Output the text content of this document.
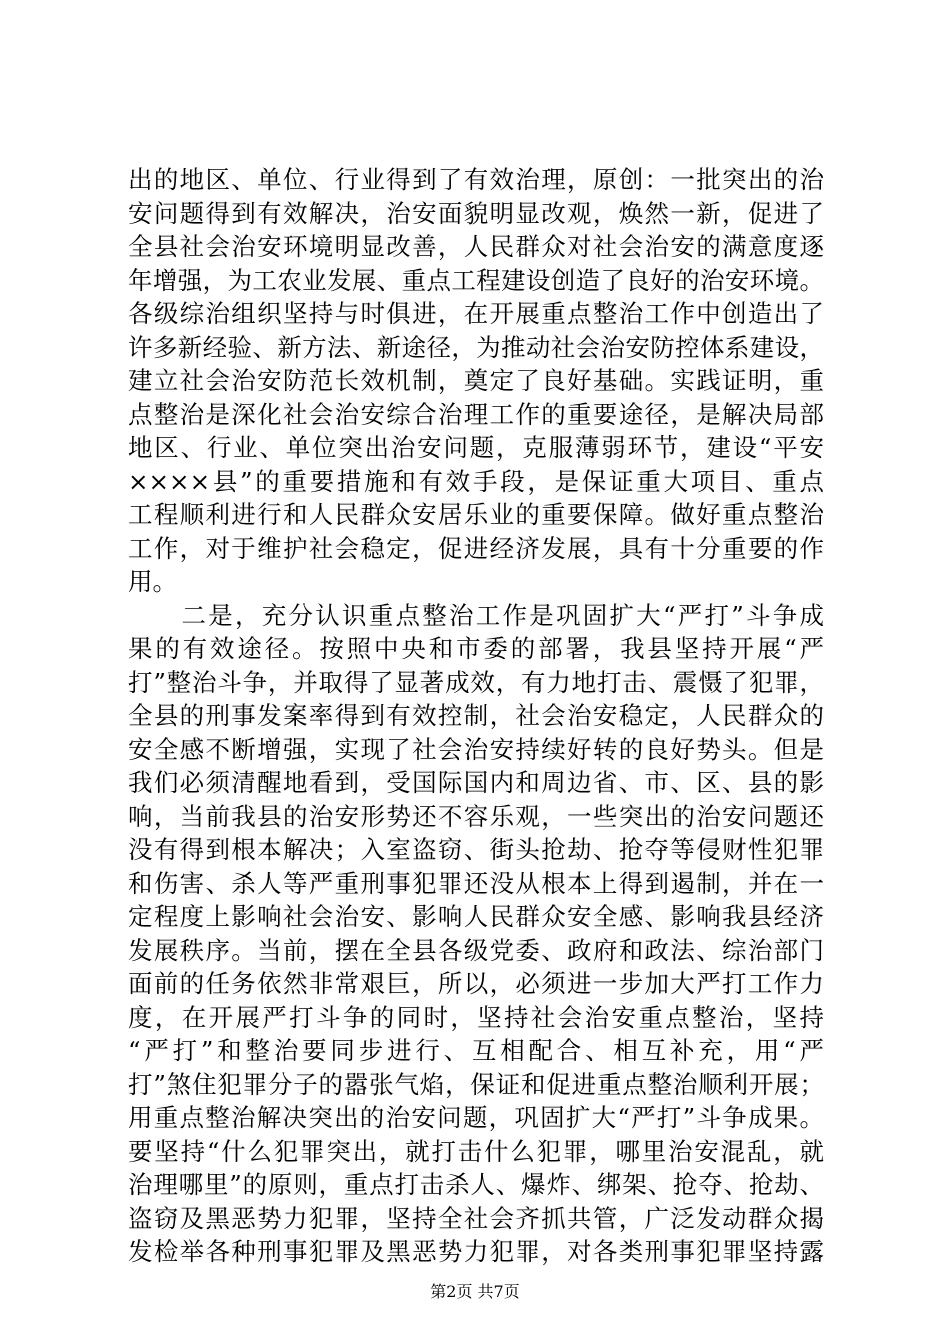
出的地区、单位、行业得到了有效治理，原创：一批突出的治
安问题得到有效解决，治安面貌明显改观，焕然一新，促进了
全县社会治安环境明显改善，人民群众对社会治安的满意度逐
年增强，为工农业发展、重点工程建设创造了良好的治安环境。
各级综治组织坚持与时俱进，在开展重点整治工作中创造出了
许多新经验、新方法、新途径，为推动社会治安防控体系建设，
建立社会治安防范长效机制，奠定了良好基础。实践证明，重
点整治是深化社会治安综合治理工作的重要途径，是解决局部
地区、行业、单位突出治安问题，克服薄弱环节，建设“平安
××××县”的重要措施和有效手段，是保证重大项目、重点
工程顺利进行和人民群众安居乐业的重要保障。做好重点整治
工作，对于维护社会稳定，促进经济发展，具有十分重要的作
用。
　　二是，充分认识重点整治工作是巩固扩大“严打”斗争成
果的有效途径。按照中央和市委的部署，我县坚持开展“严
打”整治斗争，并取得了显著成效，有力地打击、震慑了犯罪，
全县的刑事发案率得到有效控制，社会治安稳定，人民群众的
安全感不断增强，实现了社会治安持续好转的良好势头。但是
我们必须清醒地看到，受国际国内和周边省、市、区、县的影
响，当前我县的治安形势还不容乐观，一些突出的治安问题还
没有得到根本解决；入室盗窃、街头抢劫、抢夺等侵财性犯罪
和伤害、杀人等严重刑事犯罪还没从根本上得到遏制，并在一
定程度上影响社会治安、影响人民群众安全感、影响我县经济
发展秩序。当前，摆在全县各级党委、政府和政法、综治部门
面前的任务依然非常艰巨，所以，必须进一步加大严打工作力
度，在开展严打斗争的同时，坚持社会治安重点整治，坚持
“严打”和整治要同步进行、互相配合、相互补充，用“严
打”煞住犯罪分子的嚣张气焰，保证和促进重点整治顺利开展；
用重点整治解决突出的治安问题，巩固扩大“严打”斗争成果。
要坚持“什么犯罪突出，就打击什么犯罪，哪里治安混乱，就
治理哪里”的原则，重点打击杀人、爆炸、绑架、抢夺、抢劫、
盗窃及黑恶势力犯罪，坚持全社会齐抓共管，广泛发动群众揭
发检举各种刑事犯罪及黑恶势力犯罪，对各类刑事犯罪坚持露
第2页 共7页
